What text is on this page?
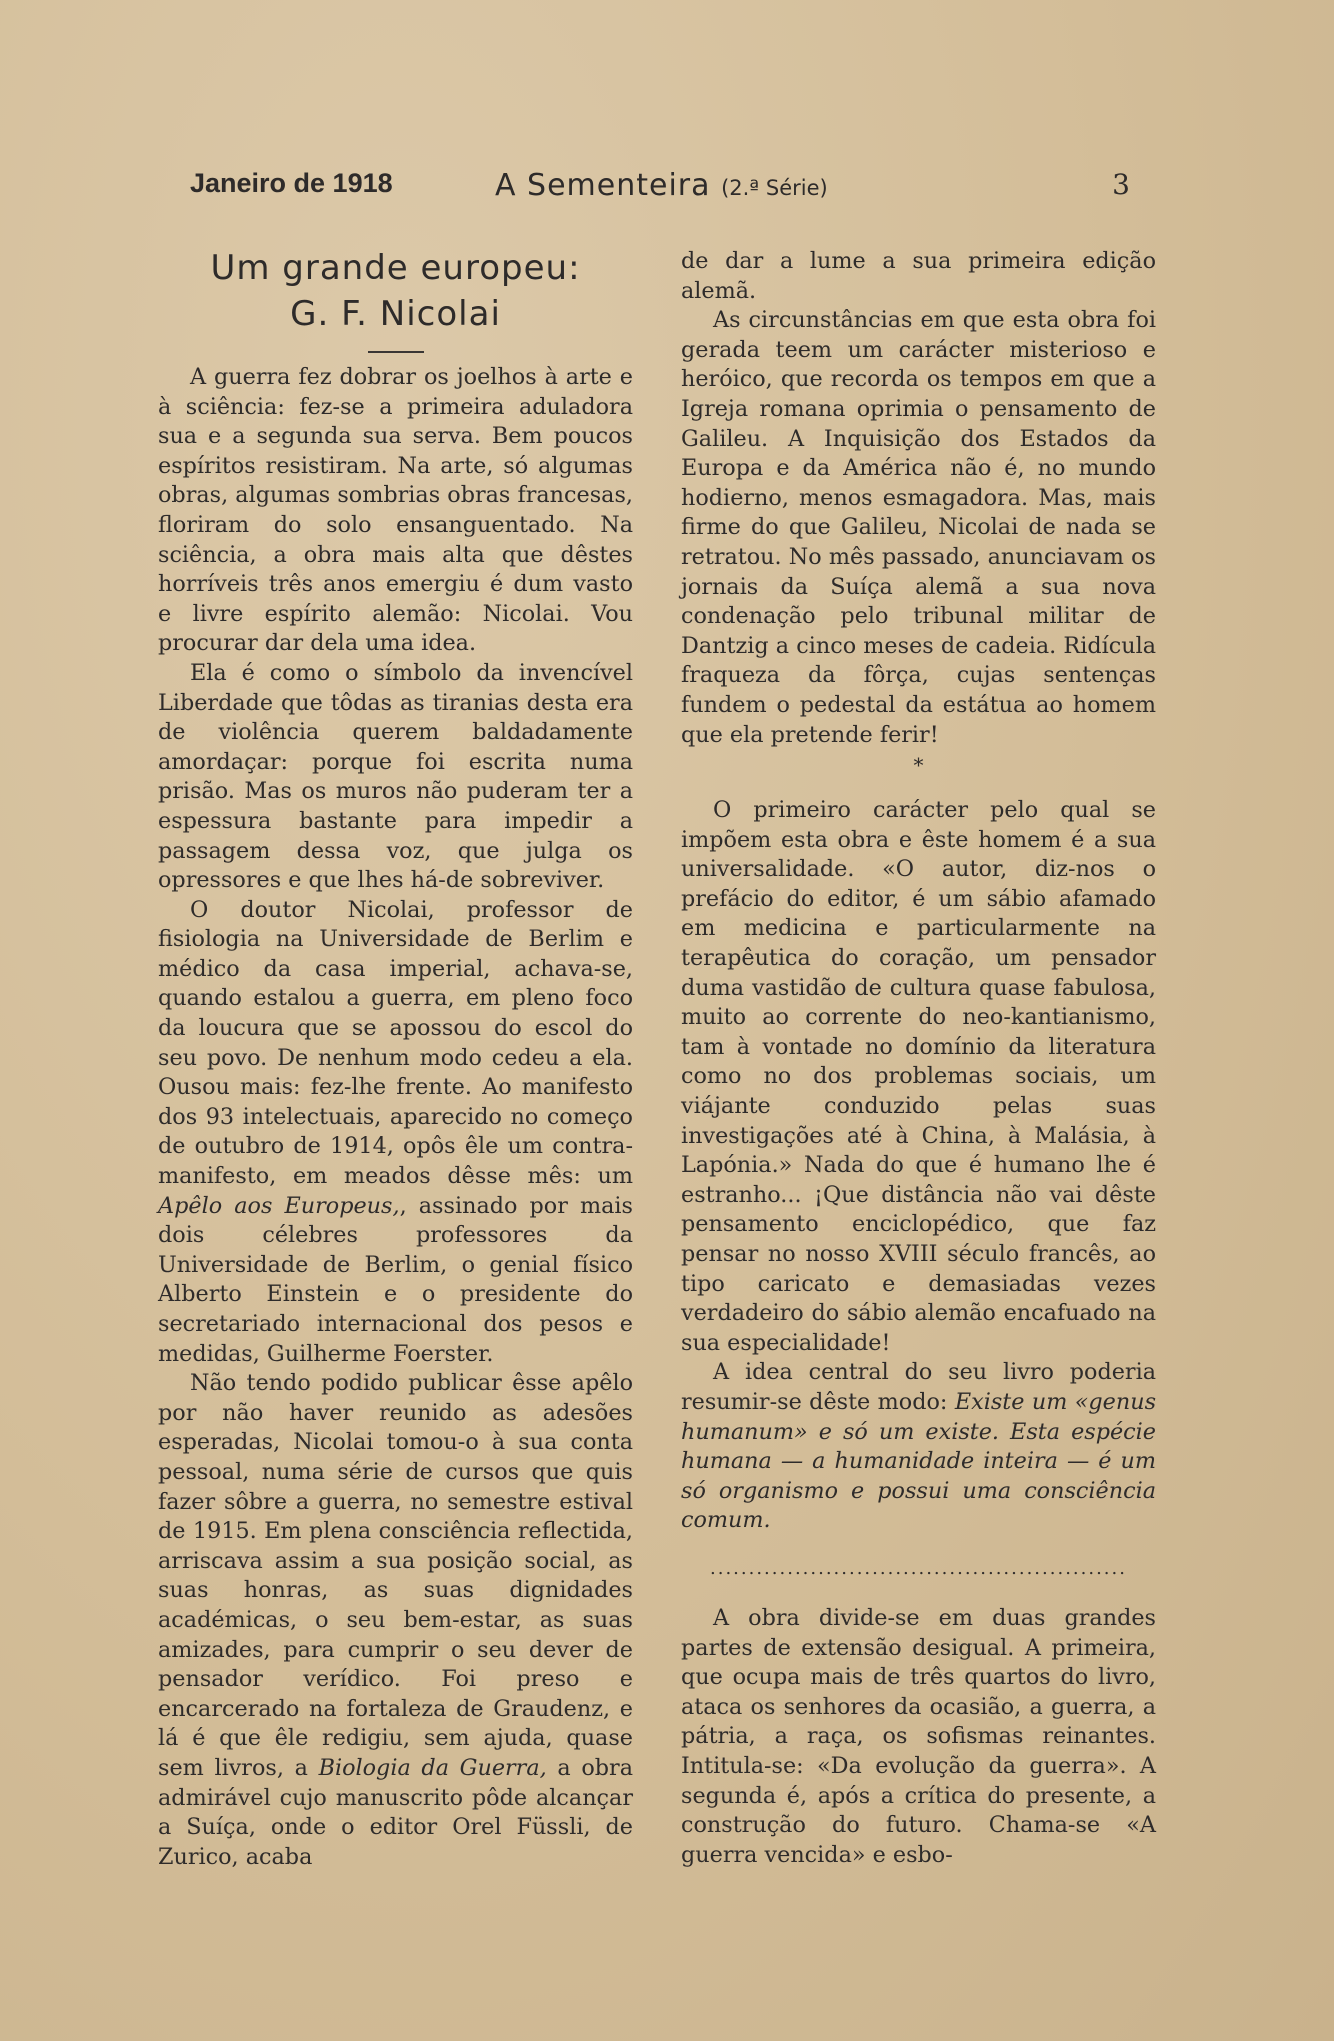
Janeiro de 1918	A Sementeira (2.ª Série)	3
Um grande europeu:
G. F. Nicolai

A guerra fez dobrar os joelhos à arte e à sciência: fez-se a primeira aduladora sua e a segunda sua serva. Bem poucos espíritos resistiram. Na arte, só algumas obras, algumas sombrias obras francesas, floriram do solo ensanguentado. Na sciência, a obra mais alta que dêstes horríveis três anos emergiu é dum vasto e livre espírito alemão: Nicolai. Vou procurar dar dela uma idea.

Ela é como o símbolo da invencível Liberdade que tôdas as tiranias desta era de violência querem baldadamente amordaçar: porque foi escrita numa prisão. Mas os muros não puderam ter a espessura bastante para impedir a passagem dessa voz, que julga os opressores e que lhes há-de sobreviver.

O doutor Nicolai, professor de fisiologia na Universidade de Berlim e médico da casa imperial, achava-se, quando estalou a guerra, em pleno foco da loucura que se apossou do escol do seu povo. De nenhum modo cedeu a ela. Ousou mais: fez-lhe frente. Ao manifesto dos 93 intelectuais, aparecido no começo de outubro de 1914, opôs êle um contra-manifesto, em meados dêsse mês: um Apêlo aos Europeus,, assinado por mais dois célebres professores da Universidade de Berlim, o genial físico Alberto Einstein e o presidente do secretariado internacional dos pesos e medidas, Guilherme Foerster.

Não tendo podido publicar êsse apêlo por não haver reunido as adesões esperadas, Nicolai tomou-o à sua conta pessoal, numa série de cursos que quis fazer sôbre a guerra, no semestre estival de 1915. Em plena consciência reflectida, arriscava assim a sua posição social, as suas honras, as suas dignidades académicas, o seu bem-estar, as suas amizades, para cumprir o seu dever de pensador verídico. Foi preso e encarcerado na fortaleza de Graudenz, e lá é que êle redigiu, sem ajuda, quase sem livros, a Biologia da Guerra, a obra admirável cujo manuscrito pôde alcançar a Suíça, onde o editor Orel Füssli, de Zurico, acaba

de dar a lume a sua primeira edição alemã.

As circunstâncias em que esta obra foi gerada teem um carácter misterioso e heróico, que recorda os tempos em que a Igreja romana oprimia o pensamento de Galileu. A Inquisição dos Estados da Europa e da América não é, no mundo hodierno, menos esmagadora. Mas, mais firme do que Galileu, Nicolai de nada se retratou. No mês passado, anunciavam os jornais da Suíça alemã a sua nova condenação pelo tribunal militar de Dantzig a cinco meses de cadeia. Ridícula fraqueza da fôrça, cujas sentenças fundem o pedestal da estátua ao homem que ela pretende ferir!

*

O primeiro carácter pelo qual se impõem esta obra e êste homem é a sua universalidade. «O autor, diz-nos o prefácio do editor, é um sábio afamado em medicina e particularmente na terapêutica do coração, um pensador duma vastidão de cultura quase fabulosa, muito ao corrente do neo-kantianismo, tam à vontade no domínio da literatura como no dos problemas sociais, um viájante conduzido pelas suas investigações até à China, à Malásia, à Lapónia.» Nada do que é humano lhe é estranho... ¡Que distância não vai dêste pensamento enciclopédico, que faz pensar no nosso XVIII século francês, ao tipo caricato e demasiadas vezes verdadeiro do sábio alemão encafuado na sua especialidade!

A idea central do seu livro poderia resumir-se dêste modo: Existe um «genus humanum» e só um existe. Esta espécie humana — a humanidade inteira — é um só organismo e possui uma consciência comum.

......................................................

A obra divide-se em duas grandes partes de extensão desigual. A primeira, que ocupa mais de três quartos do livro, ataca os senhores da ocasião, a guerra, a pátria, a raça, os sofismas reinantes. Intitula-se: «Da evolução da guerra». A segunda é, após a crítica do presente, a construção do futuro. Chama-se «A guerra vencida» e esbo-
